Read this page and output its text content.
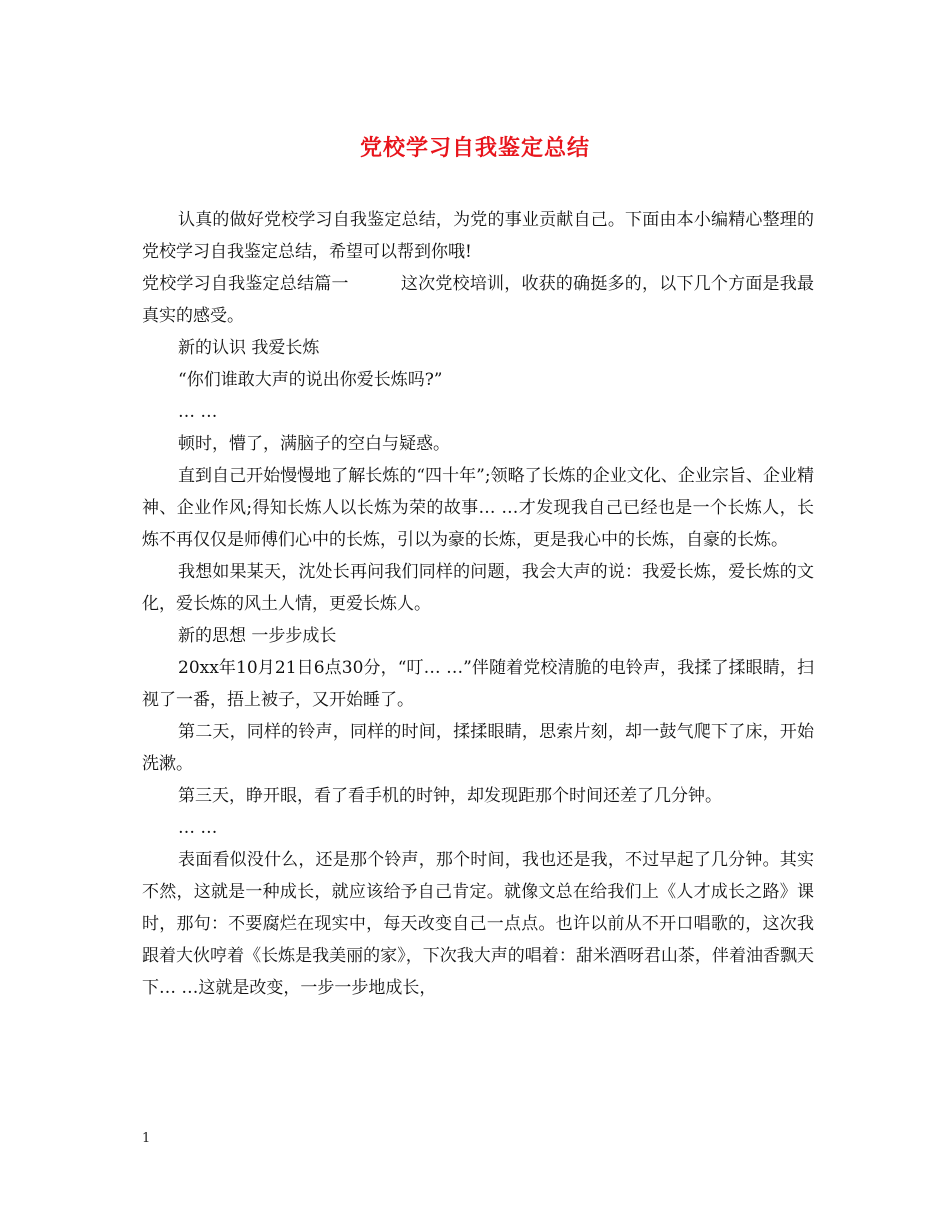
党校学习自我鉴定总结

认真的做好党校学习自我鉴定总结，为党的事业贡献自己。下面由本小编精心整理的党校学习自我鉴定总结，希望可以帮到你哦!

党校学习自我鉴定总结篇一	这次党校培训，收获的确挺多的，以下几个方面是我最真实的感受。

新的认识 我爱长炼

“你们谁敢大声的说出你爱长炼吗?”

… …

顿时，懵了，满脑子的空白与疑惑。

直到自己开始慢慢地了解长炼的“四十年”;领略了长炼的企业文化、企业宗旨、企业精神、企业作风;得知长炼人以长炼为荣的故事… …才发现我自己已经也是一个长炼人，长炼不再仅仅是师傅们心中的长炼，引以为豪的长炼，更是我心中的长炼，自豪的长炼。

我想如果某天，沈处长再问我们同样的问题，我会大声的说：我爱长炼，爱长炼的文化，爱长炼的风土人情，更爱长炼人。

新的思想 一步步成长

20xx年10月21日6点30分，“叮… …”伴随着党校清脆的电铃声，我揉了揉眼睛，扫视了一番，捂上被子，又开始睡了。

第二天，同样的铃声，同样的时间，揉揉眼睛，思索片刻，却一鼓气爬下了床，开始洗漱。

第三天，睁开眼，看了看手机的时钟，却发现距那个时间还差了几分钟。

… …

表面看似没什么，还是那个铃声，那个时间，我也还是我，不过早起了几分钟。其实不然，这就是一种成长，就应该给予自己肯定。就像文总在给我们上《人才成长之路》课时，那句：不要腐烂在现实中，每天改变自己一点点。也许以前从不开口唱歌的，这次我跟着大伙哼着《长炼是我美丽的家》，下次我大声的唱着：甜米酒呀君山茶，伴着油香飘天下… …这就是改变，一步一步地成长，

1
